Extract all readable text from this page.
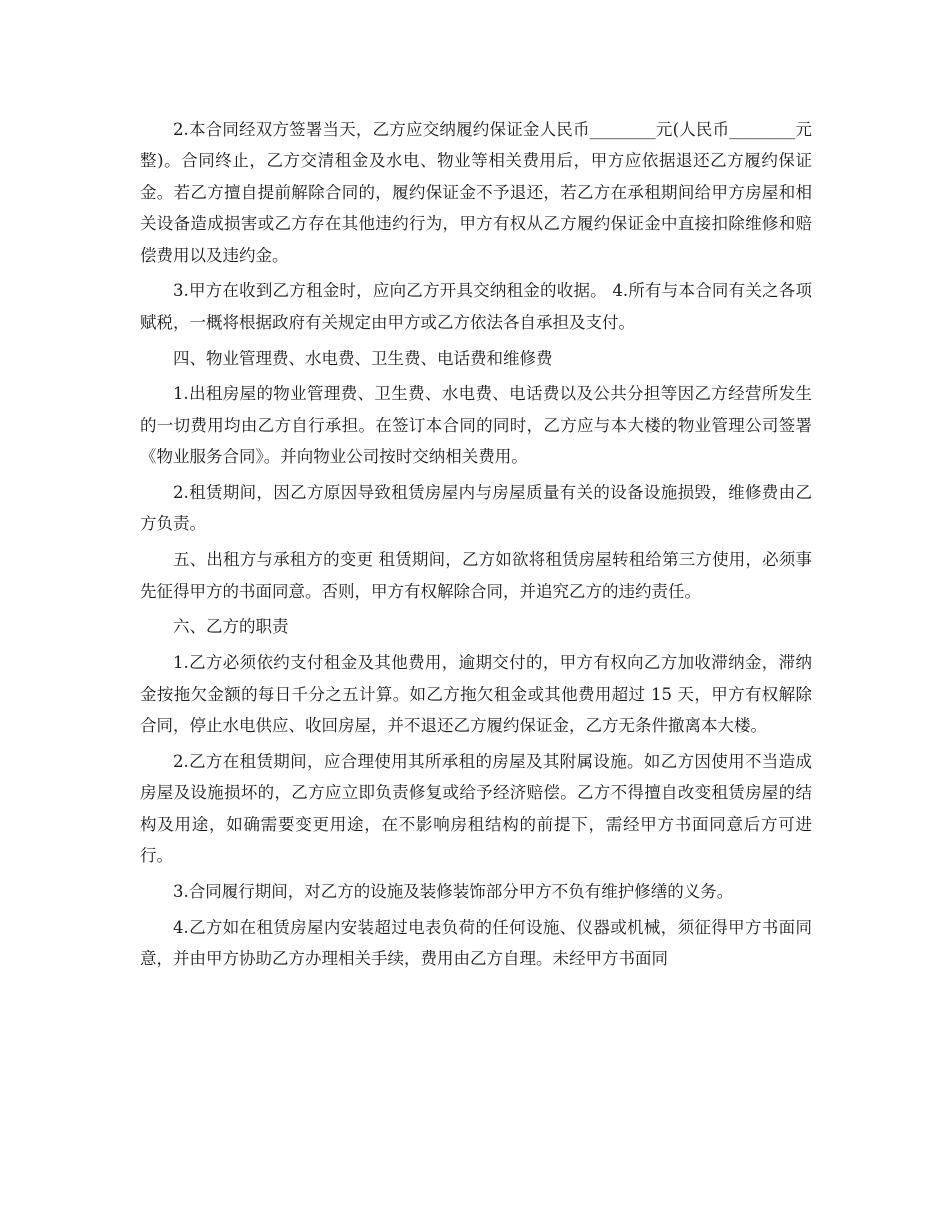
2.本合同经双方签署当天，乙方应交纳履约保证金人民币________元(人民币________元整)。合同终止，乙方交清租金及水电、物业等相关费用后，甲方应依据退还乙方履约保证金。若乙方擅自提前解除合同的，履约保证金不予退还，若乙方在承租期间给甲方房屋和相关设备造成损害或乙方存在其他违约行为，甲方有权从乙方履约保证金中直接扣除维修和赔偿费用以及违约金。

3.甲方在收到乙方租金时，应向乙方开具交纳租金的收据。 4.所有与本合同有关之各项赋税，一概将根据政府有关规定由甲方或乙方依法各自承担及支付。

四、物业管理费、水电费、卫生费、电话费和维修费

1.出租房屋的物业管理费、卫生费、水电费、电话费以及公共分担等因乙方经营所发生的一切费用均由乙方自行承担。在签订本合同的同时，乙方应与本大楼的物业管理公司签署《物业服务合同》。并向物业公司按时交纳相关费用。

2.租赁期间，因乙方原因导致租赁房屋内与房屋质量有关的设备设施损毁，维修费由乙方负责。

五、出租方与承租方的变更 租赁期间，乙方如欲将租赁房屋转租给第三方使用，必须事先征得甲方的书面同意。否则，甲方有权解除合同，并追究乙方的违约责任。

六、乙方的职责

1.乙方必须依约支付租金及其他费用，逾期交付的，甲方有权向乙方加收滞纳金，滞纳金按拖欠金额的每日千分之五计算。如乙方拖欠租金或其他费用超过 15 天，甲方有权解除合同，停止水电供应、收回房屋，并不退还乙方履约保证金，乙方无条件撤离本大楼。

2.乙方在租赁期间，应合理使用其所承租的房屋及其附属设施。如乙方因使用不当造成房屋及设施损坏的，乙方应立即负责修复或给予经济赔偿。乙方不得擅自改变租赁房屋的结构及用途，如确需要变更用途，在不影响房租结构的前提下，需经甲方书面同意后方可进行。

3.合同履行期间，对乙方的设施及装修装饰部分甲方不负有维护修缮的义务。

4.乙方如在租赁房屋内安装超过电表负荷的任何设施、仪器或机械，须征得甲方书面同意，并由甲方协助乙方办理相关手续，费用由乙方自理。未经甲方书面同
